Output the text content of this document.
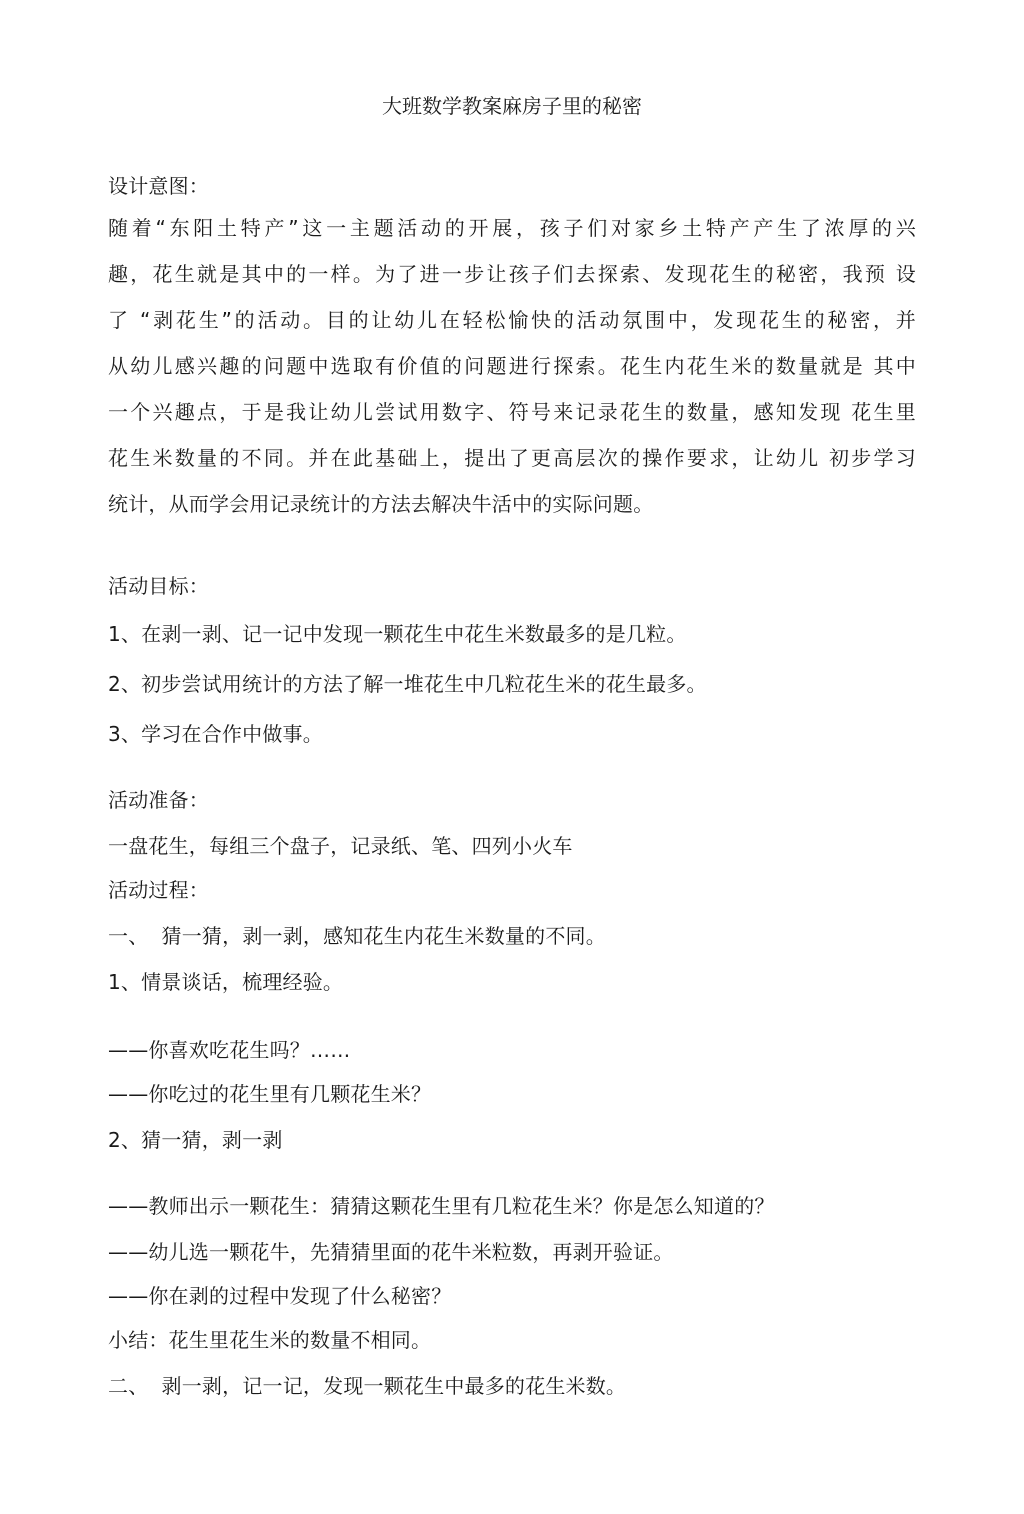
大班数学教案麻房子里的秘密
设计意图：
随着“东阳土特产”这一主题活动的开展，孩子们对家乡土特产产生了浓厚的兴
趣，花生就是其中的一样。为了进一步让孩子们去探索、发现花生的秘密，我预 设
了 “剥花生”的活动。目的让幼儿在轻松愉快的活动氛围中，发现花生的秘密，并
从幼儿感兴趣的问题中选取有价值的问题进行探索。花生内花生米的数量就是 其中
一个兴趣点，于是我让幼儿尝试用数字、符号来记录花生的数量，感知发现 花生里
花生米数量的不同。并在此基础上，提出了更高层次的操作要求，让幼儿 初步学习
统计，从而学会用记录统计的方法去解决牛活中的实际问题。
活动目标：
1、在剥一剥、记一记中发现一颗花生中花生米数最多的是几粒。
2、初步尝试用统计的方法了解一堆花生中几粒花生米的花生最多。
3、学习在合作中做事。
活动准备：
一盘花生，每组三个盘子，记录纸、笔、四列小火车
活动过程：
一、  猜一猜，剥一剥，感知花生内花生米数量的不同。
1、情景谈话，梳理经验。
——你喜欢吃花生吗？……
——你吃过的花生里有几颗花生米？
2、猜一猜，剥一剥
——教师出示一颗花生：猜猜这颗花生里有几粒花生米？你是怎么知道的？
——幼儿选一颗花牛，先猜猜里面的花牛米粒数，再剥开验证。
——你在剥的过程中发现了什么秘密？
小结：花生里花生米的数量不相同。
二、  剥一剥，记一记，发现一颗花生中最多的花生米数。
